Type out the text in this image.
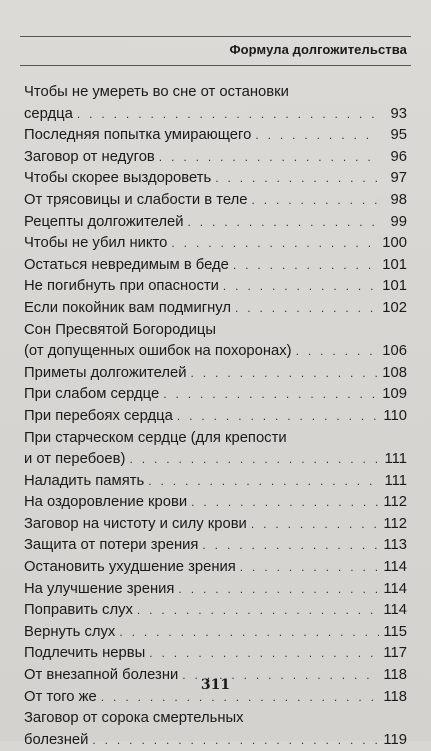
Формула долгожительства
Чтобы не умереть во сне от остановки
сердца . . .	93
Последняя попытка умирающего . . .	95
Заговор от недугов . . .	96
Чтобы скорее выздороветь . . .	97
От трясовицы и слабости в теле . . .	98
Рецепты долгожителей . . .	99
Чтобы не убил никто . . .	100
Остаться невредимым в беде . . .	101
Не погибнуть при опасности . . .	101
Если покойник вам подмигнул . . .	102
Сон Пресвятой Богородицы
(от допущенных ошибок на похоронах) . . .	106
Приметы долгожителей . . .	108
При слабом сердце . . .	109
При перебоях сердца . . .	110
При старческом сердце (для крепости
и от перебоев) . . .	111
Наладить память . . .	111
На оздоровление крови . . .	112
Заговор на чистоту и силу крови . . .	112
Защита от потери зрения . . .	113
Остановить ухудшение зрения . . .	114
На улучшение зрения . . .	114
Поправить слух . . .	114
Вернуть слух . . .	115
Подлечить нервы . . .	117
От внезапной болезни . . .	118
От того же . . .	118
Заговор от сорока смертельных
болезней . . .	119
311
